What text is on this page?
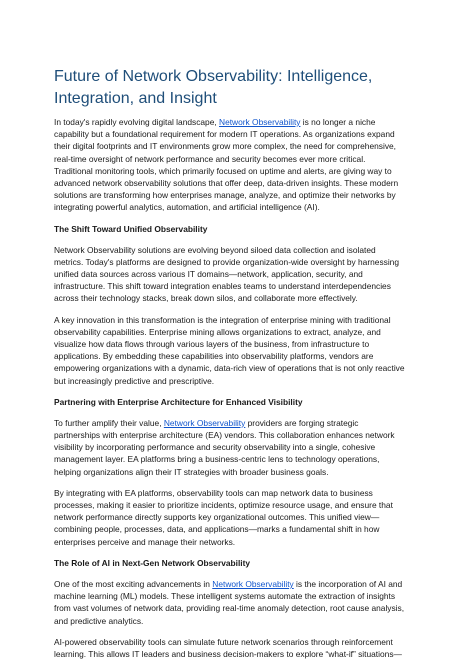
Future of Network Observability: Intelligence, Integration, and Insight

In today's rapidly evolving digital landscape, Network Observability is no longer a niche capability but a foundational requirement for modern IT operations. As organizations expand their digital footprints and IT environments grow more complex, the need for comprehensive, real-time oversight of network performance and security becomes ever more critical. Traditional monitoring tools, which primarily focused on uptime and alerts, are giving way to advanced network observability solutions that offer deep, data-driven insights. These modern solutions are transforming how enterprises manage, analyze, and optimize their networks by integrating powerful analytics, automation, and artificial intelligence (AI).

The Shift Toward Unified Observability

Network Observability solutions are evolving beyond siloed data collection and isolated metrics. Today's platforms are designed to provide organization-wide oversight by harnessing unified data sources across various IT domains—network, application, security, and infrastructure. This shift toward integration enables teams to understand interdependencies across their technology stacks, break down silos, and collaborate more effectively.

A key innovation in this transformation is the integration of enterprise mining with traditional observability capabilities. Enterprise mining allows organizations to extract, analyze, and visualize how data flows through various layers of the business, from infrastructure to applications. By embedding these capabilities into observability platforms, vendors are empowering organizations with a dynamic, data-rich view of operations that is not only reactive but increasingly predictive and prescriptive.

Partnering with Enterprise Architecture for Enhanced Visibility

To further amplify their value, Network Observability providers are forging strategic partnerships with enterprise architecture (EA) vendors. This collaboration enhances network visibility by incorporating performance and security observability into a single, cohesive management layer. EA platforms bring a business-centric lens to technology operations, helping organizations align their IT strategies with broader business goals.

By integrating with EA platforms, observability tools can map network data to business processes, making it easier to prioritize incidents, optimize resource usage, and ensure that network performance directly supports key organizational outcomes. This unified view—combining people, processes, data, and applications—marks a fundamental shift in how enterprises perceive and manage their networks.

The Role of AI in Next-Gen Network Observability

One of the most exciting advancements in Network Observability is the incorporation of AI and machine learning (ML) models. These intelligent systems automate the extraction of insights from vast volumes of network data, providing real-time anomaly detection, root cause analysis, and predictive analytics.

AI-powered observability tools can simulate future network scenarios through reinforcement learning. This allows IT leaders and business decision-makers to explore “what-if” situations—
